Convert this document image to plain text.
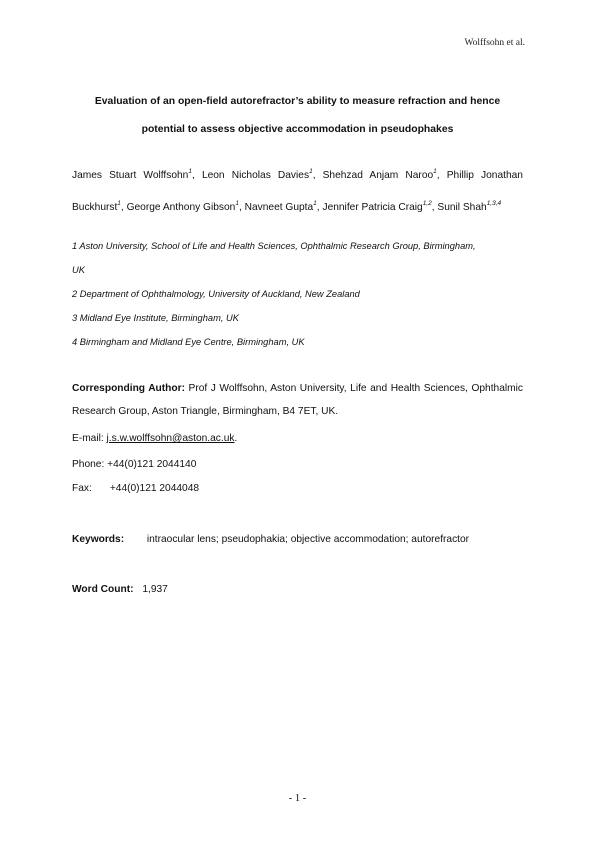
Wolffsohn et al.
Evaluation of an open-field autorefractor’s ability to measure refraction and hence
potential to assess objective accommodation in pseudophakes
James Stuart Wolffsohn$^1$, Leon Nicholas Davies$^1$, Shehzad Anjam Naroo$^1$, Phillip Jonathan Buckhurst$^1$, George Anthony Gibson$^1$, Navneet Gupta$^1$, Jennifer Patricia Craig$^{1,2}$, Sunil Shah$^{1,3,4}$
1 Aston University, School of Life and Health Sciences, Ophthalmic Research Group, Birmingham,
UK
2 Department of Ophthalmology, University of Auckland, New Zealand
3 Midland Eye Institute, Birmingham, UK
4 Birmingham and Midland Eye Centre, Birmingham, UK
Corresponding Author: Prof J Wolffsohn, Aston University, Life and Health Sciences, Ophthalmic Research Group, Aston Triangle, Birmingham, B4 7ET, UK.
E-mail: j.s.w.wolffsohn@aston.ac.uk.
Phone: +44(0)121 2044140
Fax: +44(0)121 2044048
Keywords: intraocular lens; pseudophakia; objective accommodation; autorefractor
Word Count: 1,937
- 1 -
